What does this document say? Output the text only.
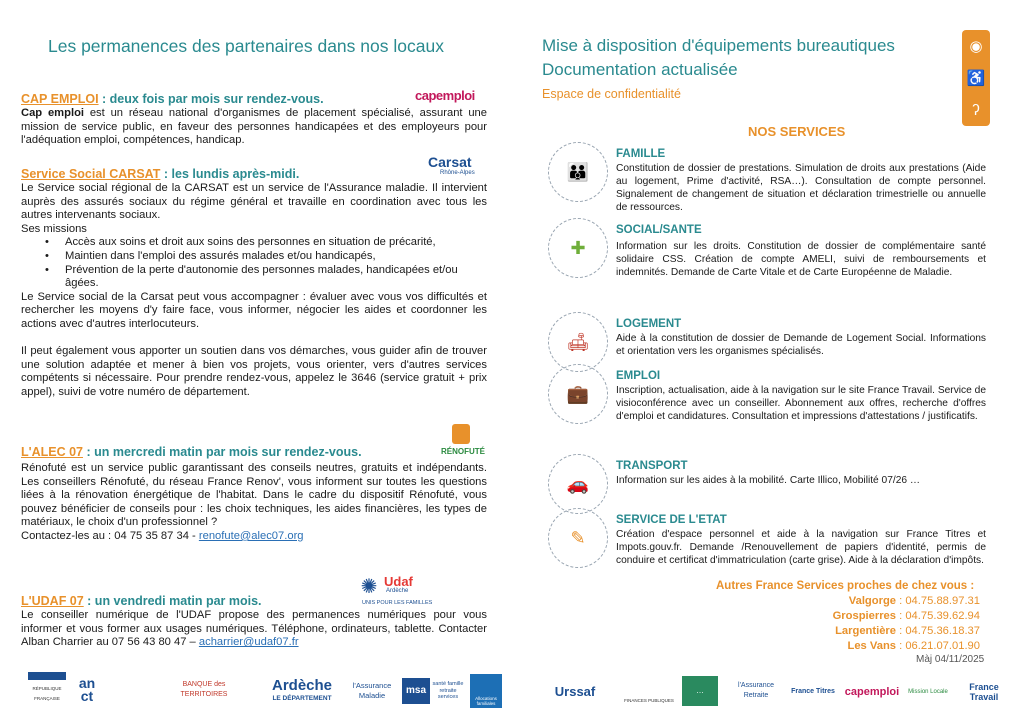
Les permanences des partenaires dans nos locaux
CAP EMPLOI : deux fois par mois sur rendez-vous.	capemploi
Cap emploi est un réseau national d'organismes de placement spécialisé, assurant une mission de service public, en faveur des personnes handicapées et des employeurs pour l'adéquation emploi, compétences, handicap.
Service Social CARSAT : les lundis après-midi.
Carsat
Rhône-Alpes
Le Service social régional de la CARSAT est un service de l'Assurance maladie. Il intervient auprès des assurés sociaux du régime général et travaille en coordination avec tous les autres intervenants sociaux.
Ses missions
• Accès aux soins et droit aux soins des personnes en situation de précarité,
• Maintien dans l'emploi des assurés malades et/ou handicapés,
• Prévention de la perte d'autonomie des personnes malades, handicapées et/ou âgées.
Le Service social de la Carsat peut vous accompagner : évaluer avec vous vos difficultés et rechercher les moyens d'y faire face, vous informer, négocier les aides et coordonner les actions avec d'autres interlocuteurs.
Il peut également vous apporter un soutien dans vos démarches, vous guider afin de trouver une solution adaptée et mener à bien vos projets, vous orienter, vers d'autres services compétents si nécessaire. Pour prendre rendez-vous, appelez le 3646 (service gratuit + prix appel), suivi de votre numéro de département.
L'ALEC 07 : un mercredi matin par mois sur rendez-vous.	RÉNOFUTÉ
Rénofuté est un service public garantissant des conseils neutres, gratuits et indépendants. Les conseillers Rénofuté, du réseau France Renov', vous informent sur toutes les questions liées à la rénovation énergétique de l'habitat. Dans le cadre du dispositif Rénofuté, vous pouvez bénéficier de conseils pour : les choix techniques, les aides financières, les types de matériaux, le choix d'un professionnel ?
Contactez-les au : 04 75 35 87 34 - renofute@alec07.org
L'UDAF 07 : un vendredi matin par mois.
✺ Udaf
Ardèche
UNIS POUR LES FAMILLES
Le conseiller numérique de l'UDAF propose des permanences numériques pour vous informer et vous former aux usages numériques. Téléphone, ordinateurs, tablette. Contacter Alban Charrier au 07 56 43 80 47 – acharrier@udaf07.fr
RÉPUBLIQUE FRANÇAISE
an ct
BANQUE des TERRITOIRES
Ardèche
LE DÉPARTEMENT
l'Assurance Maladie	msa
santé famille retraite services	Allocations familiales
Mise à disposition d'équipements bureautiques
Documentation actualisée
Espace de confidentialité
◉
♿
ʔ
NOS SERVICES
👪
FAMILLE
Constitution de dossier de prestations. Simulation de droits aux prestations (Aide au logement, Prime d'activité, RSA…). Consultation de compte personnel. Signalement de changement de situation et déclaration trimestrielle ou annuelle de ressources.
✚
SOCIAL/SANTE
Information sur les droits. Constitution de dossier de complémentaire santé solidaire CSS. Création de compte AMELI, suivi de remboursements et indemnités. Demande de Carte Vitale et de Carte Européenne de Maladie.
🛋
LOGEMENT
Aide à la constitution de dossier de Demande de Logement Social. Informations et orientation vers les organismes spécialisés.
💼
EMPLOI
Inscription, actualisation, aide à la navigation sur le site France Travail. Service de visioconférence avec un conseiller. Abonnement aux offres, recherche d'offres d'emploi et candidatures. Consultation et impressions d'attestations / justificatifs.
🚗
TRANSPORT
Information sur les aides à la mobilité. Carte Illico, Mobilité 07/26 …
✎
SERVICE DE L'ETAT
Création d'espace personnel et aide à la navigation sur France Titres et Impots.gouv.fr. Demande /Renouvellement de papiers d'identité, permis de conduire et certificat d'immatriculation (carte grise). Aide à la déclaration d'impôts.
Autres France Services proches de chez vous :
Valgorge : 04.75.88.97.31
Grospierres : 04.75.39.62.94
Largentière : 04.75.36.18.37
Les Vans : 06.21.07.01.90
Màj 04/11/2025
Urssaf
FINANCES PUBLIQUES
…
l'Assurance Retraite
France Titres capemploi	Mission Locale	France Travail
